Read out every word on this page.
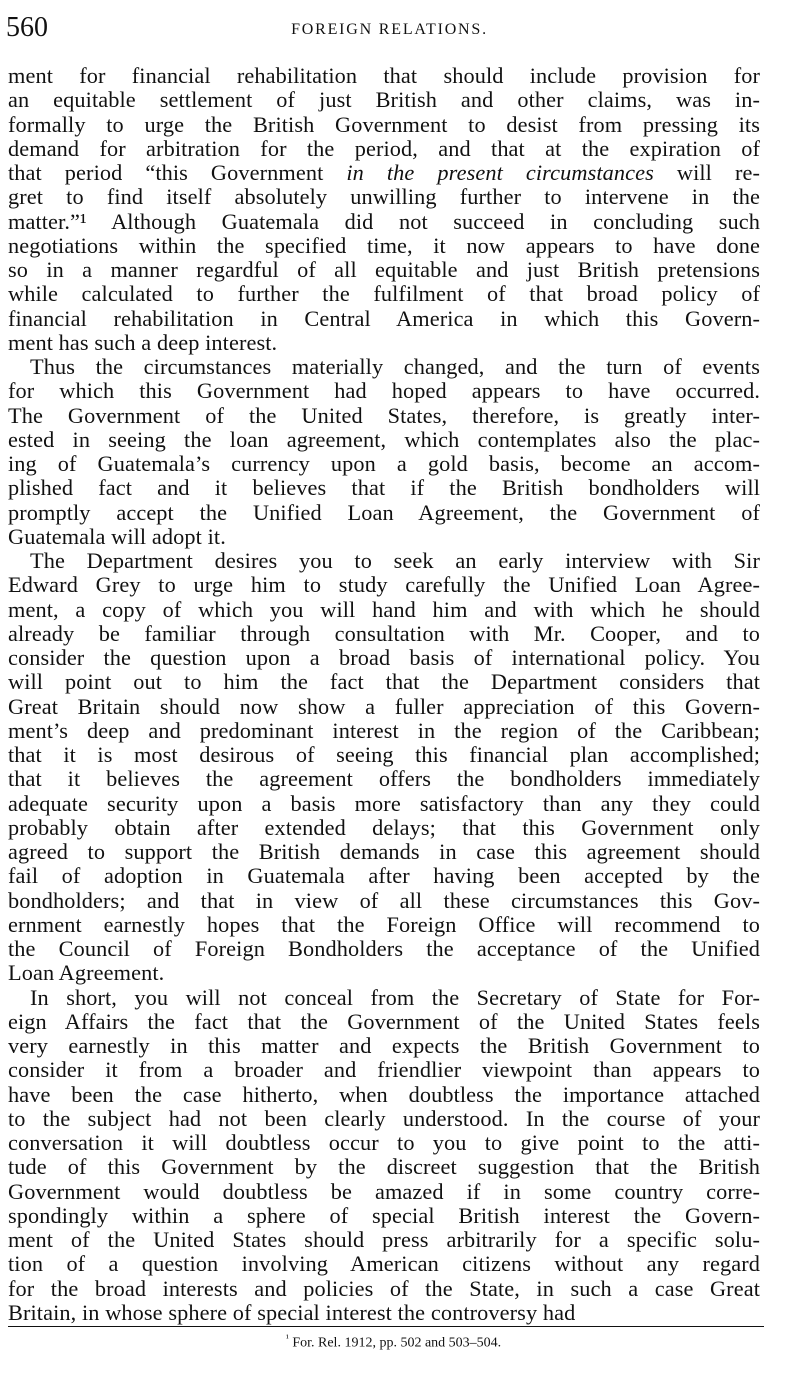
560	FOREIGN RELATIONS.
ment for financial rehabilitation that should include provision for
an equitable settlement of just British and other claims, was in-
formally to urge the British Government to desist from pressing its
demand for arbitration for the period, and that at the expiration of
that period “this Government in the present circumstances will re-
gret to find itself absolutely unwilling further to intervene in the
matter.”¹ Although Guatemala did not succeed in concluding such
negotiations within the specified time, it now appears to have done
so in a manner regardful of all equitable and just British pretensions
while calculated to further the fulfilment of that broad policy of
financial rehabilitation in Central America in which this Govern-
ment has such a deep interest.
Thus the circumstances materially changed, and the turn of events
for which this Government had hoped appears to have occurred.
The Government of the United States, therefore, is greatly inter-
ested in seeing the loan agreement, which contemplates also the plac-
ing of Guatemala’s currency upon a gold basis, become an accom-
plished fact and it believes that if the British bondholders will
promptly accept the Unified Loan Agreement, the Government of
Guatemala will adopt it.
The Department desires you to seek an early interview with Sir
Edward Grey to urge him to study carefully the Unified Loan Agree-
ment, a copy of which you will hand him and with which he should
already be familiar through consultation with Mr. Cooper, and to
consider the question upon a broad basis of international policy. You
will point out to him the fact that the Department considers that
Great Britain should now show a fuller appreciation of this Govern-
ment’s deep and predominant interest in the region of the Caribbean;
that it is most desirous of seeing this financial plan accomplished;
that it believes the agreement offers the bondholders immediately
adequate security upon a basis more satisfactory than any they could
probably obtain after extended delays; that this Government only
agreed to support the British demands in case this agreement should
fail of adoption in Guatemala after having been accepted by the
bondholders; and that in view of all these circumstances this Gov-
ernment earnestly hopes that the Foreign Office will recommend to
the Council of Foreign Bondholders the acceptance of the Unified
Loan Agreement.
In short, you will not conceal from the Secretary of State for For-
eign Affairs the fact that the Government of the United States feels
very earnestly in this matter and expects the British Government to
consider it from a broader and friendlier viewpoint than appears to
have been the case hitherto, when doubtless the importance attached
to the subject had not been clearly understood. In the course of your
conversation it will doubtless occur to you to give point to the atti-
tude of this Government by the discreet suggestion that the British
Government would doubtless be amazed if in some country corre-
spondingly within a sphere of special British interest the Govern-
ment of the United States should press arbitrarily for a specific solu-
tion of a question involving American citizens without any regard
for the broad interests and policies of the State, in such a case Great
Britain, in whose sphere of special interest the controversy had
$^{^1}$ For. Rel. 1912, pp. 502 and 503–504.
